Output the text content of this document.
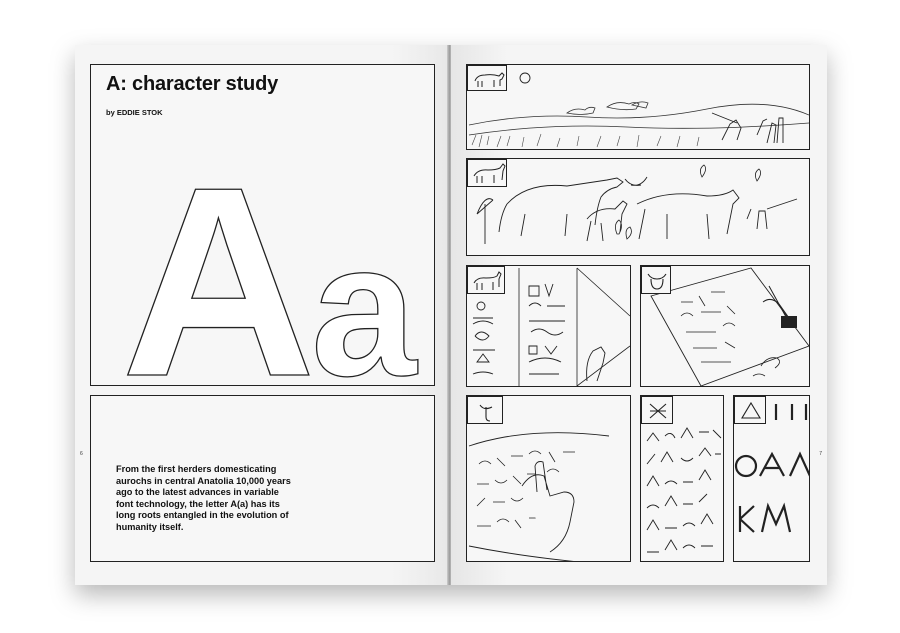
A: character study
by EDDIE STOK
A
a

From the first herders domesticating aurochs in central Anatolia 10,000 years ago to the latest advances in variable font technology, the letter A(a) has its long roots entangled in the evolution of humanity itself.

6	7
